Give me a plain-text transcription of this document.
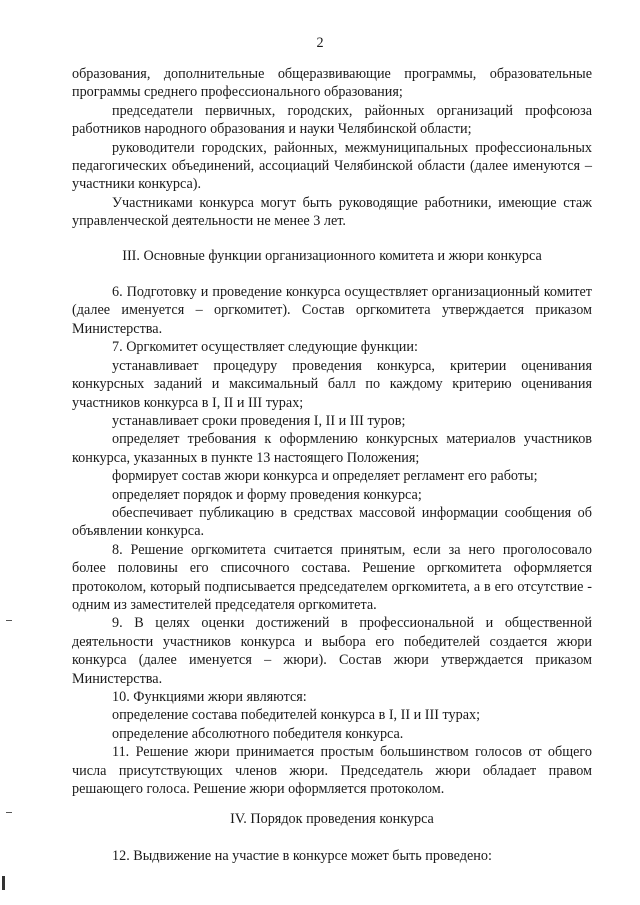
2

образования, дополнительные общеразвивающие программы, образовательные программы среднего профессионального образования;

председатели первичных, городских, районных организаций профсоюза работников народного образования и науки Челябинской области;

руководители городских, районных, межмуниципальных профессиональных педагогических объединений, ассоциаций Челябинской области (далее именуются – участники конкурса).

Участниками конкурса могут быть руководящие работники, имеющие стаж управленческой деятельности не менее 3 лет.

III. Основные функции организационного комитета и жюри конкурса

6. Подготовку и проведение конкурса осуществляет организационный комитет (далее именуется – оргкомитет). Состав оргкомитета утверждается приказом Министерства.

7. Оргкомитет осуществляет следующие функции:

устанавливает процедуру проведения конкурса, критерии оценивания конкурсных заданий и максимальный балл по каждому критерию оценивания участников конкурса в I, II и III турах;

устанавливает сроки проведения I, II и III туров;

определяет требования к оформлению конкурсных материалов участников конкурса, указанных в пункте 13 настоящего Положения;

формирует состав жюри конкурса и определяет регламент его работы;

определяет порядок и форму проведения конкурса;

обеспечивает публикацию в средствах массовой информации сообщения об объявлении конкурса.

8. Решение оргкомитета считается принятым, если за него проголосовало более половины его списочного состава. Решение оргкомитета оформляется протоколом, который подписывается председателем оргкомитета, а в его отсутствие - одним из заместителей председателя оргкомитета.

9. В целях оценки достижений в профессиональной и общественной деятельности участников конкурса и выбора его победителей создается жюри конкурса (далее именуется – жюри). Состав жюри утверждается приказом Министерства.

10. Функциями жюри являются:

определение состава победителей конкурса в I, II и III турах;

определение абсолютного победителя конкурса.

11. Решение жюри принимается простым большинством голосов от общего числа присутствующих членов жюри. Председатель жюри обладает правом решающего голоса. Решение жюри оформляется протоколом.

IV. Порядок проведения конкурса

12. Выдвижение на участие в конкурсе может быть проведено:
